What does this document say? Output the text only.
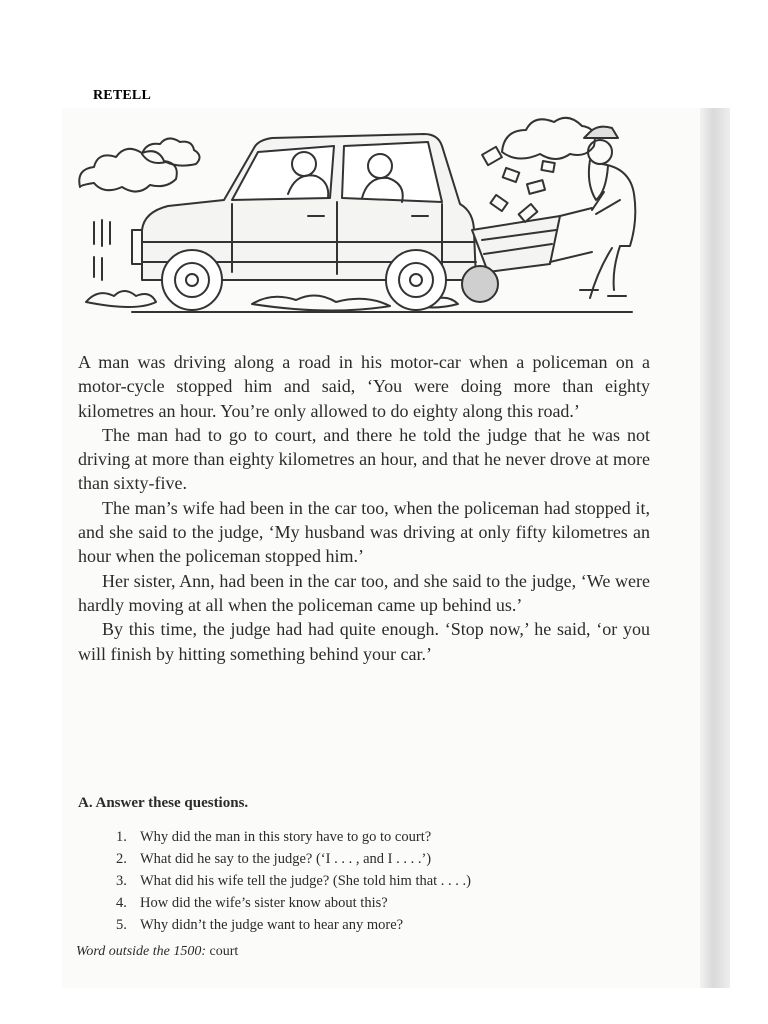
RETELL

A man was driving along a road in his motor-car when a policeman on a motor-cycle stopped him and said, ‘You were doing more than eighty kilometres an hour. You’re only allowed to do eighty along this road.’

The man had to go to court, and there he told the judge that he was not driving at more than eighty kilometres an hour, and that he never drove at more than sixty-five.

The man’s wife had been in the car too, when the policeman had stopped it, and she said to the judge, ‘My husband was driving at only fifty kilometres an hour when the policeman stopped him.’

Her sister, Ann, had been in the car too, and she said to the judge, ‘We were hardly moving at all when the policeman came up behind us.’

By this time, the judge had had quite enough. ‘Stop now,’ he said, ‘or you will finish by hitting something behind your car.’

A. Answer these questions.
1. Why did the man in this story have to go to court?
2. What did he say to the judge? (‘I . . . , and I . . . .’)
3. What did his wife tell the judge? (She told him that . . . .)
4. How did the wife’s sister know about this?
5. Why didn’t the judge want to hear any more?
Word outside the 1500: court
